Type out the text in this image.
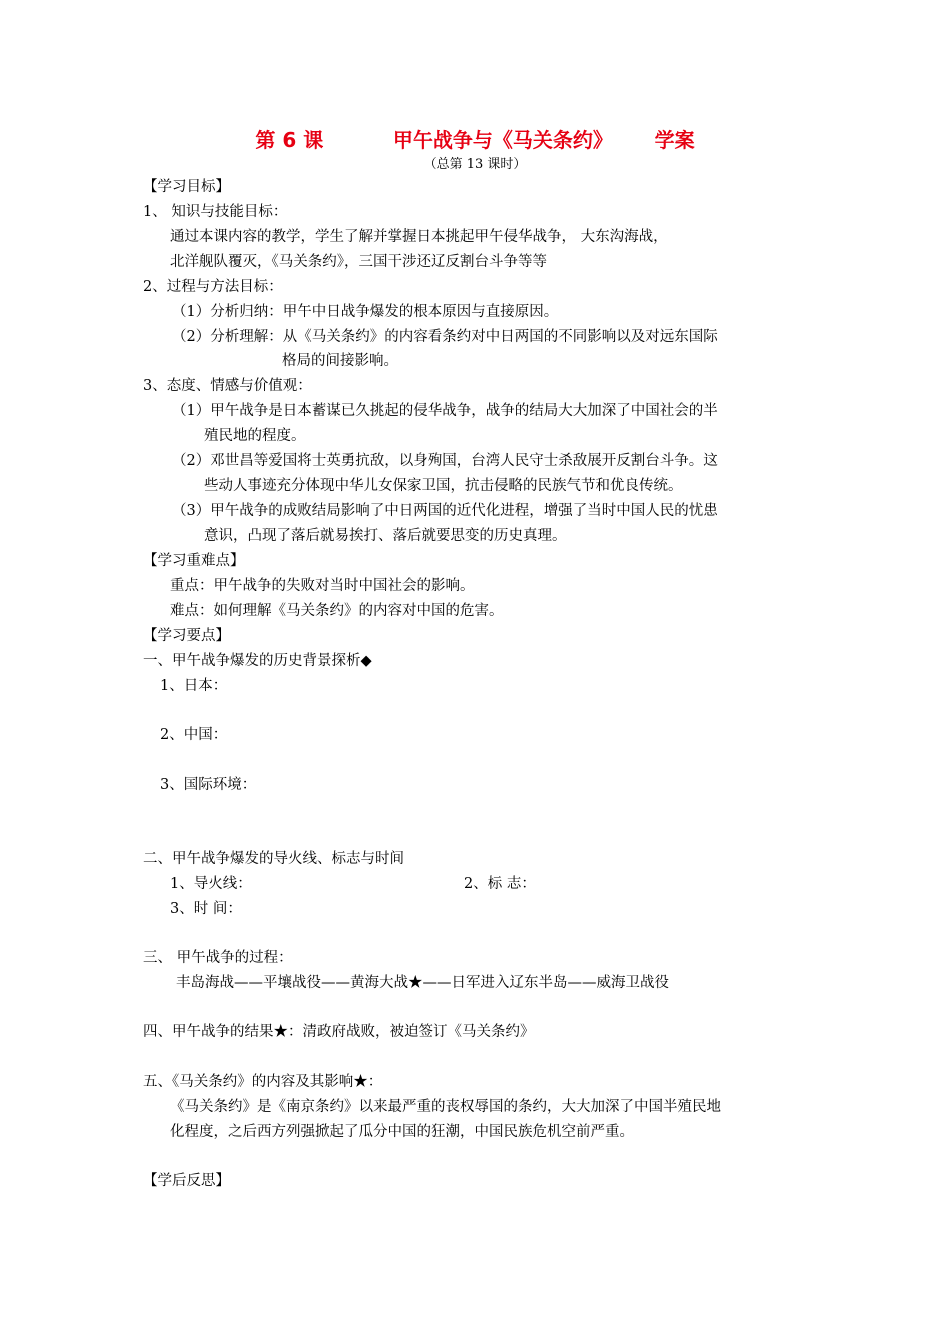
第 6 课          甲午战争与《马关条约》      学案
（总第 13 课时）
【学习目标】
1、 知识与技能目标：
通过本课内容的教学，学生了解并掌握日本挑起甲午侵华战争， 大东沟海战，
北洋舰队覆灭，《马关条约》，三国干涉还辽反割台斗争等等
2、过程与方法目标：
（1）分析归纳：甲午中日战争爆发的根本原因与直接原因。
（2）分析理解：从《马关条约》的内容看条约对中日两国的不同影响以及对远东国际
格局的间接影响。
3、态度、情感与价值观：
（1）甲午战争是日本蓄谋已久挑起的侵华战争，战争的结局大大加深了中国社会的半
殖民地的程度。
（2）邓世昌等爱国将士英勇抗敌，以身殉国，台湾人民守士杀敌展开反割台斗争。这
些动人事迹充分体现中华儿女保家卫国，抗击侵略的民族气节和优良传统。
（3）甲午战争的成败结局影响了中日两国的近代化进程，增强了当时中国人民的忧患
意识，凸现了落后就易挨打、落后就要思变的历史真理。
【学习重难点】
重点：甲午战争的失败对当时中国社会的影响。
难点：如何理解《马关条约》的内容对中国的危害。
【学习要点】
一、甲午战争爆发的历史背景探析◆
1、日本：
2、中国：
3、国际环境：
二、甲午战争爆发的导火线、标志与时间
1、导火线：	2、标 志：
3、时 间：
三、 甲午战争的过程：
丰岛海战——平壤战役——黄海大战★——日军进入辽东半岛——威海卫战役
四、甲午战争的结果★：清政府战败，被迫签订《马关条约》
五、《马关条约》的内容及其影响★：
《马关条约》是《南京条约》以来最严重的丧权辱国的条约，大大加深了中国半殖民地
化程度，之后西方列强掀起了瓜分中国的狂潮，中国民族危机空前严重。
【学后反思】
